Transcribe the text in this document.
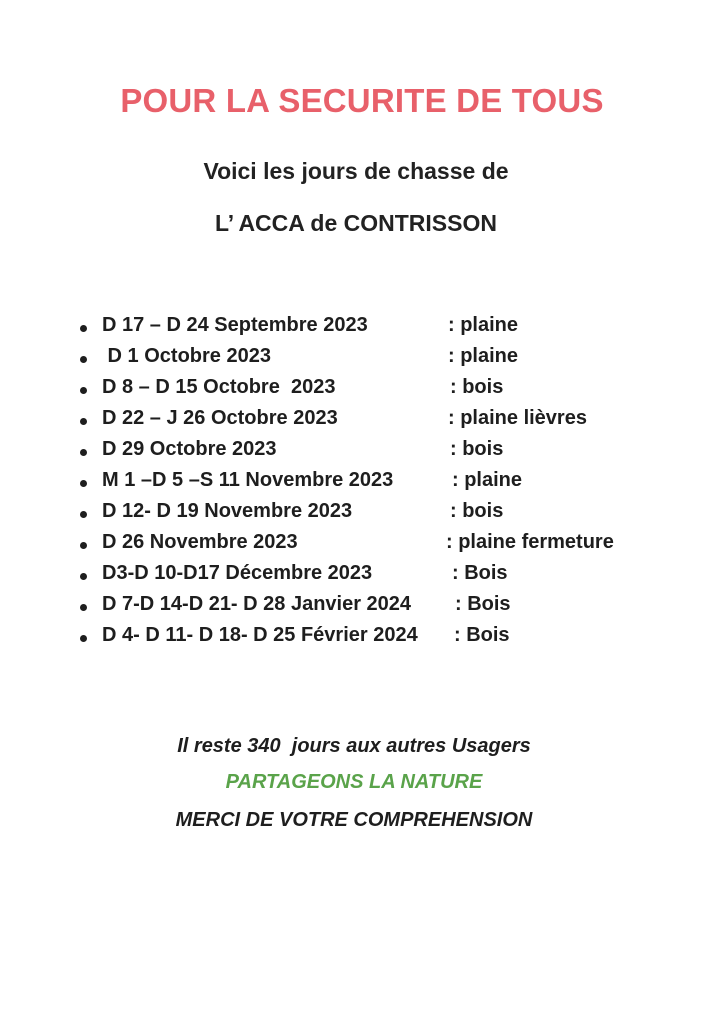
POUR LA SECURITE DE TOUS
Voici les jours de chasse de
L’ ACCA de CONTRISSON
D 17 – D 24 Septembre 2023	: plaine
D 1 Octobre 2023	: plaine
D 8 – D 15 Octobre  2023	: bois
D 22 – J 26 Octobre 2023	: plaine lièvres
D 29 Octobre 2023	: bois
M 1 –D 5 –S 11 Novembre 2023	: plaine
D 12- D 19 Novembre 2023	: bois
D 26 Novembre 2023	: plaine fermeture
D3-D 10-D17 Décembre 2023	: Bois
D 7-D 14-D 21- D 28 Janvier 2024 : Bois
D 4- D 11- D 18- D 25 Février 2024 : Bois
Il reste 340  jours aux autres Usagers
PARTAGEONS LA NATURE
MERCI DE VOTRE COMPREHENSION
